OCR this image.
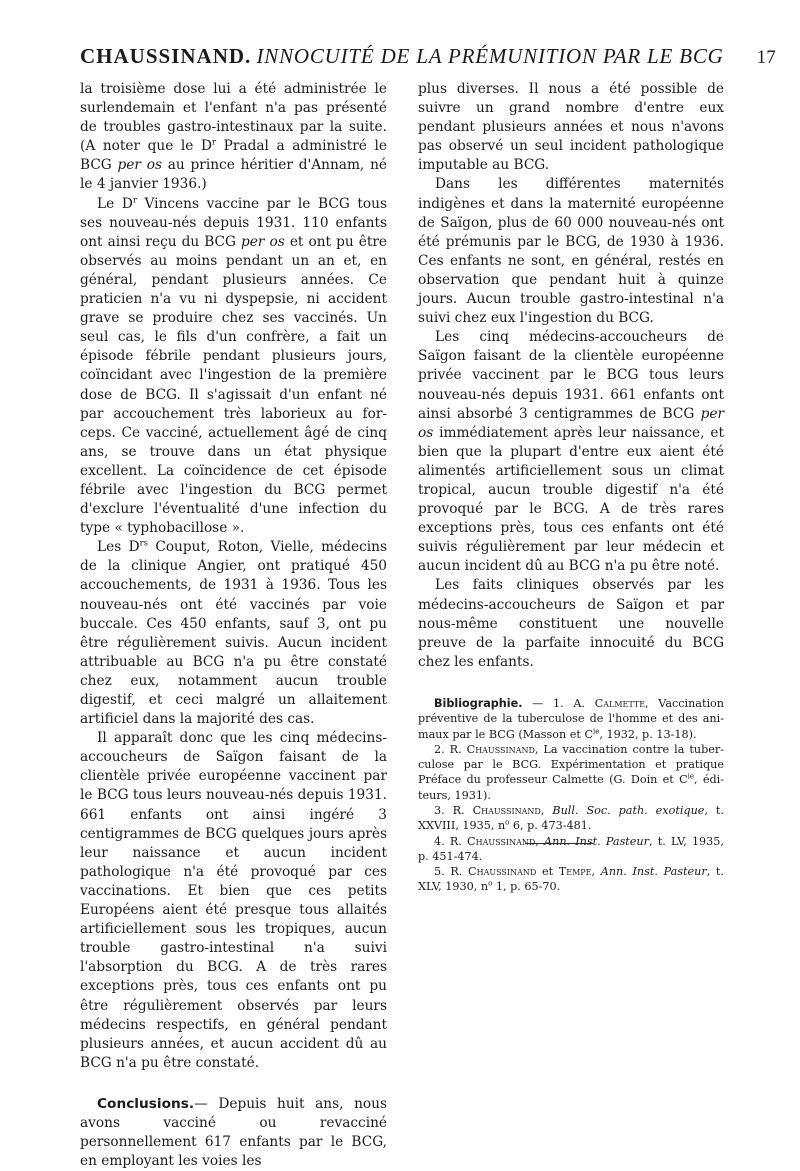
CHAUSSINAND . INNOCUITÉ DE LA PRÉMUNITION PAR LE BCG 17

la troisième dose lui a été administrée le surlendemain et l'enfant n'a pas présenté de troubles gastro-intestinaux par la suite. (A noter que le $D^r$ Pradal a administré le BCG per os au prince héritier d'Annam, né le 4 janvier 1936.)

Le $D^r$ Vincens vaccine par le BCG tous ses nouveau-nés depuis 1931. 110 enfants ont ainsi reçu du BCG per os et ont pu être observés au moins pendant un an et, en général, pendant plusieurs années. Ce praticien n'a vu ni dyspepsie, ni accident grave se produire chez ses vaccinés. Un seul cas, le fils d'un confrère, a fait un épisode fébrile pendant plusieurs jours, coïncidant avec l'ingestion de la première dose de BCG. Il s'agissait d'un enfant né par accouchement très laborieux au forceps. Ce vacciné, actuellement âgé de cinq ans, se trouve dans un état physique excellent. La coïncidence de cet épisode fébrile avec l'ingestion du BCG permet d'exclure l'éventualité d'une infection du type « typhobacillose ».

Les $D^{rs}$ Couput, Roton, Vielle, médecins de la clinique Angier, ont pratiqué 450 accouchements, de 1931 à 1936. Tous les nouveau-nés ont été vaccinés par voie buccale. Ces 450 enfants, sauf 3, ont pu être régulièrement suivis. Aucun incident attribuable au BCG n'a pu être constaté chez eux, notamment aucun trouble digestif, et ceci malgré un allaitement artificiel dans la majorité des cas.

Il apparaît donc que les cinq médecins-accoucheurs de Saïgon faisant de la clientèle privée européenne vaccinent par le BCG tous leurs nouveau-nés depuis 1931. 661 enfants ont ainsi ingéré 3 centigrammes de BCG quelques jours après leur naissance et aucun incident pathologique n'a été provoqué par ces vaccinations. Et bien que ces petits Européens aient été presque tous allaités artificiellement sous les tropiques, aucun trouble gastro-intestinal n'a suivi l'absorption du BCG. A de très rares exceptions près, tous ces enfants ont pu être régulièrement observés par leurs médecins respectifs, en général pendant plusieurs années, et aucun accident dû au BCG n'a pu être constaté.

Conclusions.— Depuis huit ans, nous avons vacciné ou revacciné personnellement 617 enfants par le BCG, en employant les voies les

plus diverses. Il nous a été possible de suivre un grand nombre d'entre eux pendant plusieurs années et nous n'avons pas observé un seul incident pathologique imputable au BCG.

Dans les différentes maternités indigènes et dans la maternité européenne de Saïgon, plus de 60 000 nouveau-nés ont été prémunis par le BCG, de 1930 à 1936. Ces enfants ne sont, en général, restés en observation que pendant huit à quinze jours. Aucun trouble gastro-intestinal n'a suivi chez eux l'ingestion du BCG.

Les cinq médecins-accoucheurs de Saïgon faisant de la clientèle européenne privée vaccinent par le BCG tous leurs nouveau-nés depuis 1931. 661 enfants ont ainsi absorbé 3 centigrammes de BCG per os immédiatement après leur naissance, et bien que la plupart d'entre eux aient été alimentés artificiellement sous un climat tropical, aucun trouble digestif n'a été provoqué par le BCG. A de très rares exceptions près, tous ces enfants ont été suivis régulièrement par leur médecin et aucun incident dû au BCG n'a pu être noté.

Les faits cliniques observés par les médecins-accoucheurs de Saïgon et par nous-même constituent une nouvelle preuve de la parfaite innocuité du BCG chez les enfants.

Bibliographie. — 1. A. Calmette, Vaccination préventive de la tuberculose de l'homme et des animaux par le BCG (Masson et $C^{ie}$, 1932, p. 13-18).

2. R. Chaussinand, La vaccination contre la tuberculose par le BCG. Expérimentation et pratique Préface du professeur Calmette (G. Doin et $C^{ie}$, éditeurs, 1931).

3. R. Chaussinand, Bull. Soc. path. exotique, t. XXVIII, 1935, $n^o$ 6, p. 473-481.

4. R. Chaussinand, Ann. Inst. Pasteur, t. LV, 1935, p. 451-474.

5. R. Chaussinand et Tempe, Ann. Inst. Pasteur, t. XLV, 1930, $n^o$ 1, p. 65-70.
